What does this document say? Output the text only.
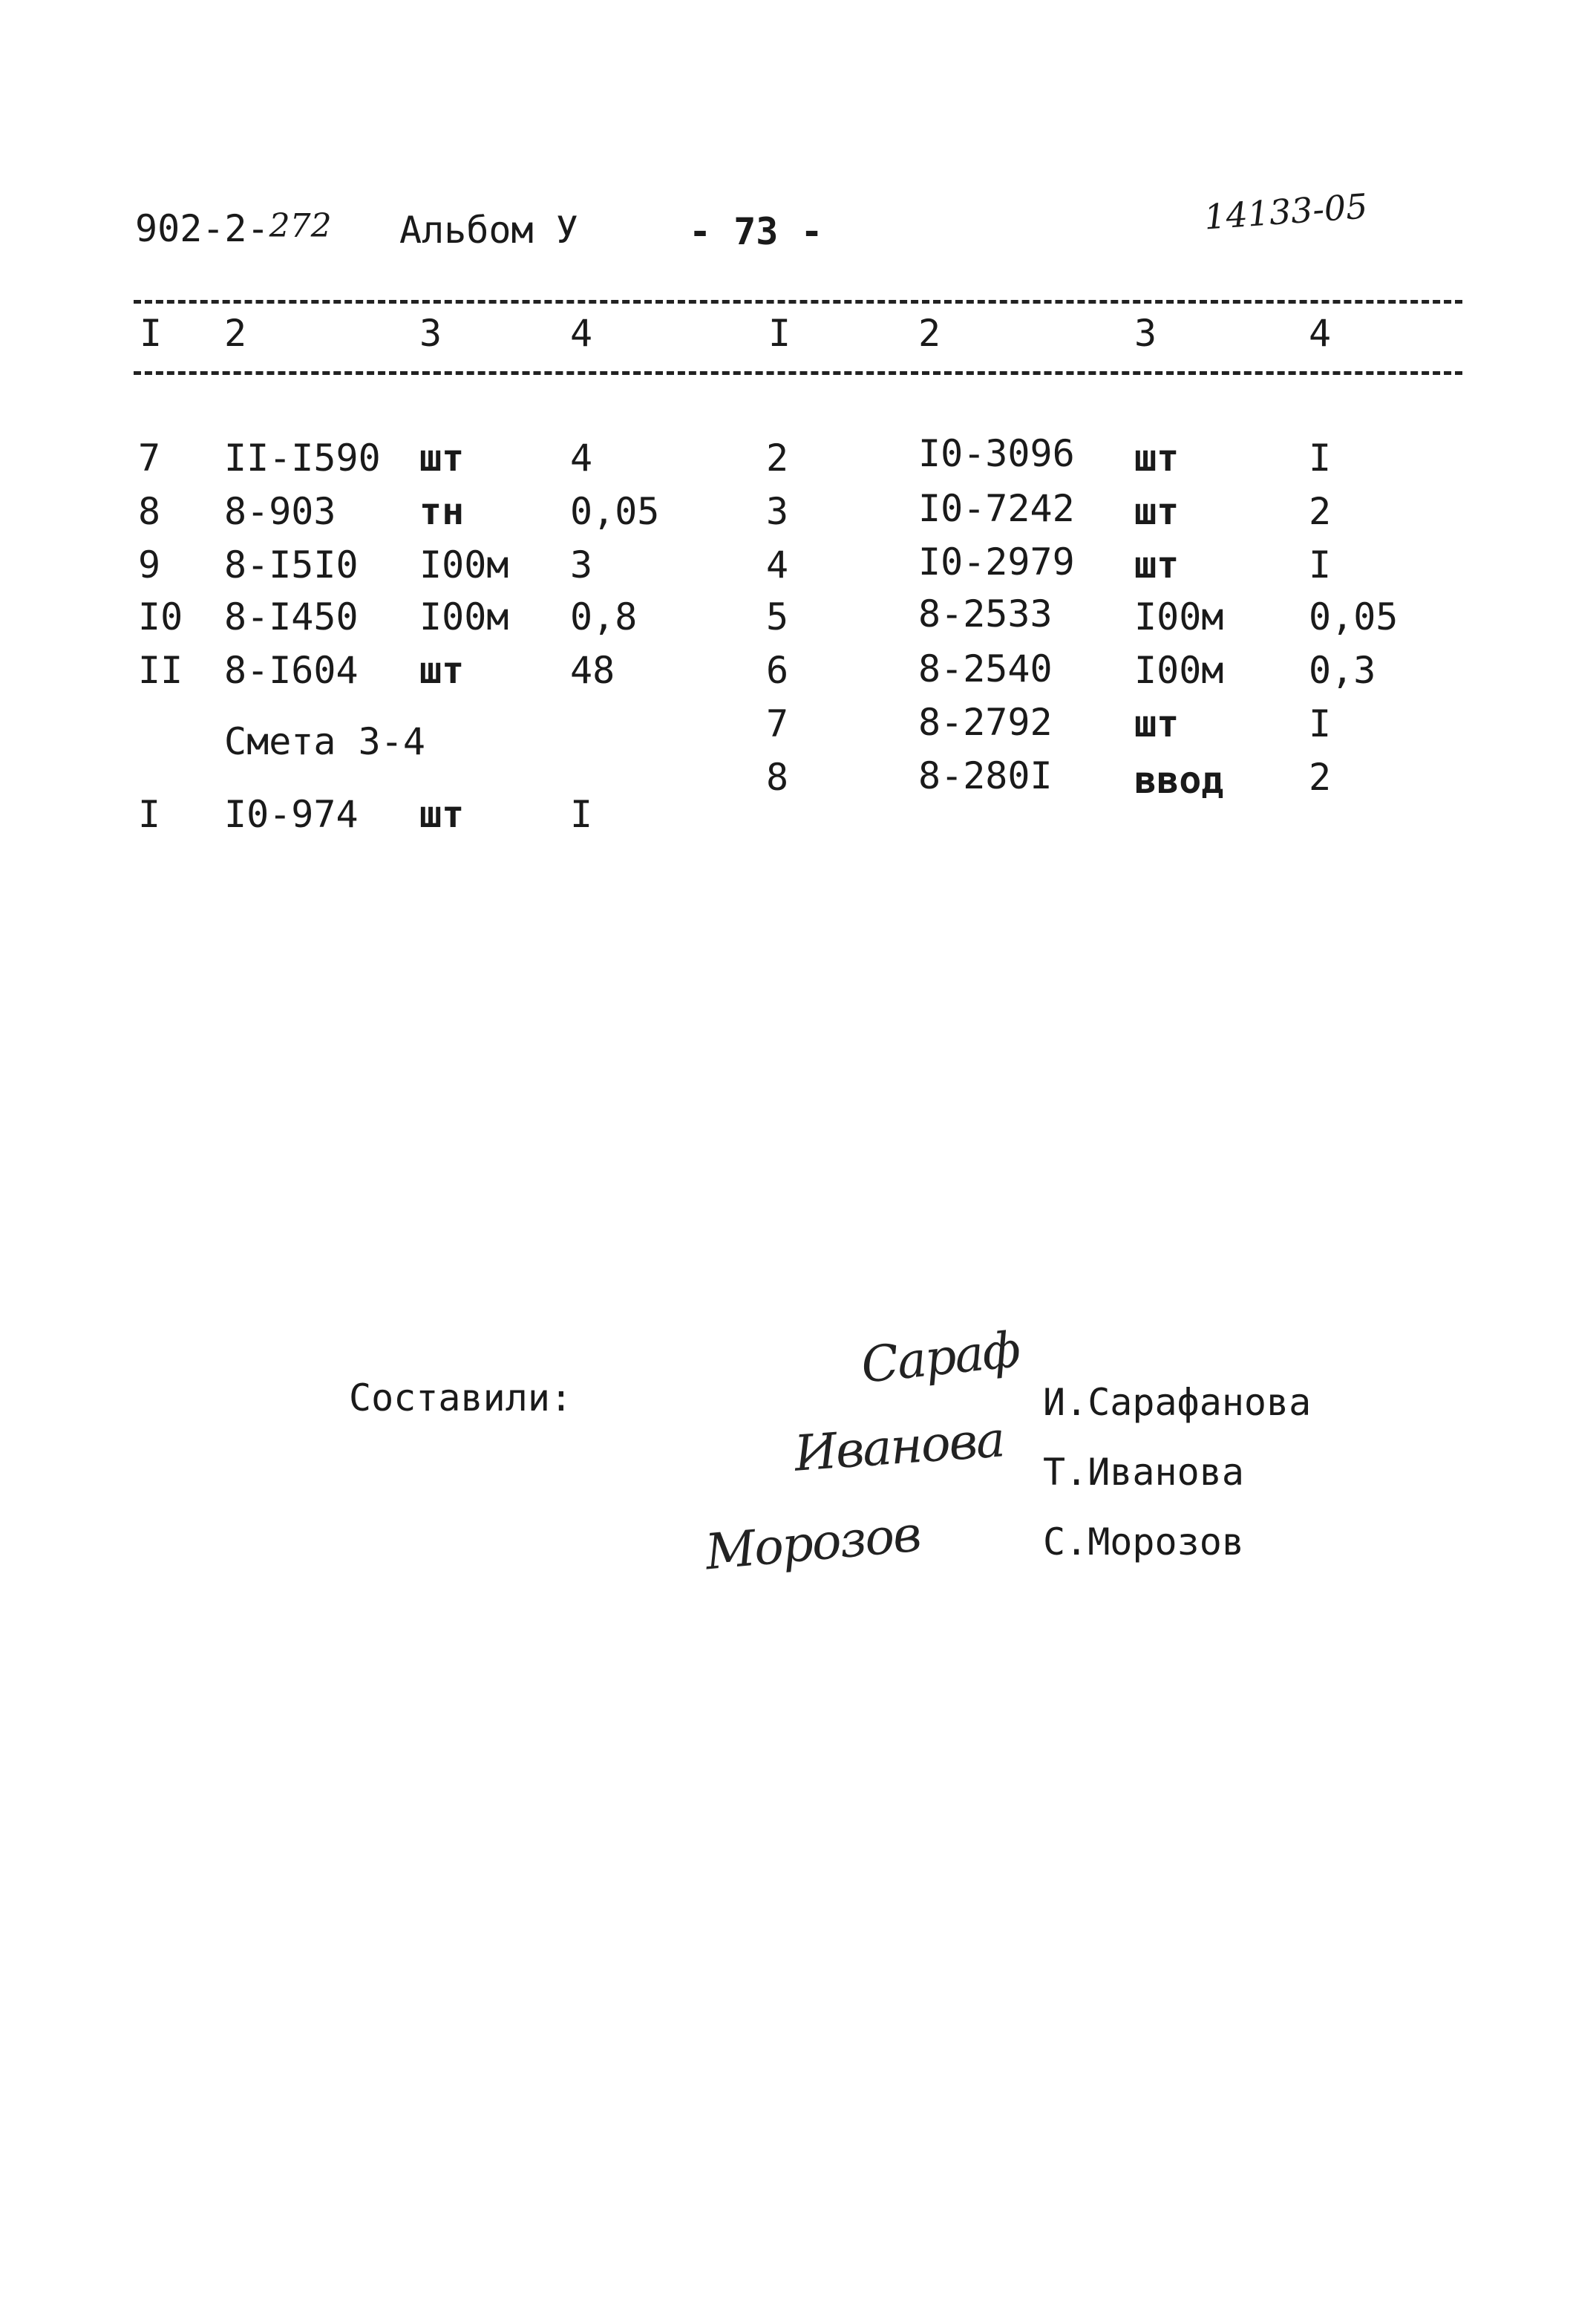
902-2-272 Альбом У	- 73 -	14133-05
I 2	3	4	I	2	3	4
7 II-I590 шт	4
8 8-903 тн	0,05
9 8-I5I0 I00м 3
I0 8-I450 I00м 0,8
II 8-I604 шт	48
Смета 3-4
I I0-974 шт	I
2	I0-3096 шт	I
3	I0-7242 шт	2
4	I0-2979 шт	I
5	8-2533 I00м 0,05
6	8-2540 I00м 0,3
7	8-2792 шт	I
8	8-280I ввод 2
Составили:
Сараф
Иванова
Морозов
И.Сарафанова
Т.Иванова
С.Морозов
